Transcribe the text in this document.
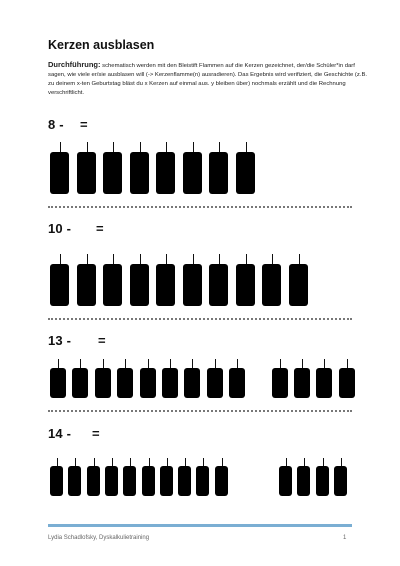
Kerzen ausblasen
Durchführung: schematisch werden mit den Bleistift Flammen auf die Kerzen gezeichnet, der/die Schüler*in darf sagen, wie viele er/sie ausblasen will (-> Kerzenflamme(n) ausradieren). Das Ergebnis wird verifiziert, die Geschichte (z.B. zu deinem x-ten Geburtstag bläst du x Kerzen auf einmal aus. y bleiben über) nochmals erzählt und die Rechnung verschriftlicht.
8 - =
10 - =
13 - =
14 - =
Lydia Schadlofsky, Dyskalkulietraining	1
